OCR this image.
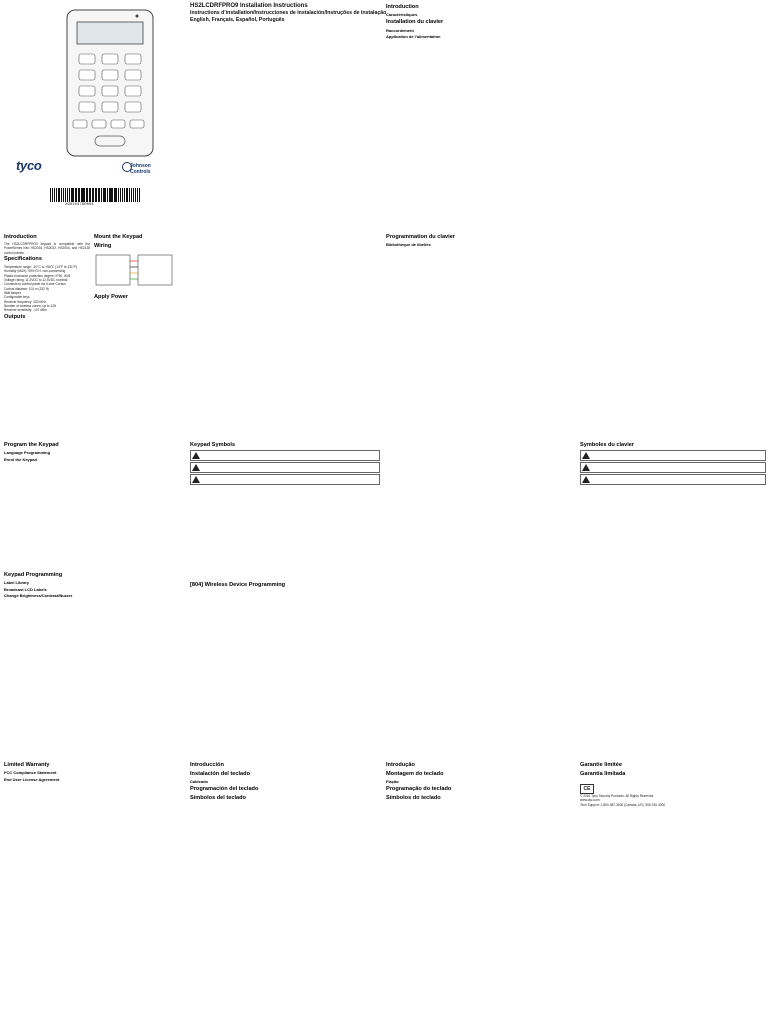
tyco	Johnson
Controls
29010476R001
HS2LCDRFPRO9 Installation Instructions
Instructions d’installation/Instrucciones de instalación/Instruções de instalação
English, Français, Español, Português
Introduction

The HS2LCDRFPRO9 keypad is compatible with the PowerSeries Neo HS2016, HS2032, HS2064, and HS2128 control panels.

Specifications
Temperature range: -10°C to +55°C (14°F to 131°F)
Humidity (MAX): 93% R.H. non-condensing
Plastic enclosure protection degree: IP30, IK04
Voltage rating: 11.3VDC to 12.5VDC nominal
Connects to control panel via 4-wire Corbus
Corbus distance: 101 m (332 ft)
Wall tamper
Configurable keys
Receiver frequency: 433 MHz
Number of wireless zones: up to 128
Receiver sensitivity: -107 dBm
Outputs
Mount the Keypad
Wiring
Apply Power
Program the Keypad
Language Programming
Enrol the Keypad
Keypad Programming
Label Library
Broadcast LCD Labels
Change Brightness/Contrast/Buzzer
Keypad Symbols
[804] Wireless Device Programming
Introduction
Caractéristiques
Installation du clavier
Raccordement
Application de l’alimentation
Programmation du clavier
Bibliothèque de libellés
Symboles du clavier
Introducción
Instalación del teclado
Cableado
Programación del teclado
Símbolos del teclado
Introdução
Montagem do teclado
Fiação
Programação do teclado
Símbolos do teclado
Limited Warranty
FCC Compliance Statement
End User License Agreement
Garantie limitée
Garantia limitada
CE
© 2016 Tyco Security Products. All Rights Reserved.
www.dsc.com
Tech Support: 1-800-387-3630 (Canada, US), 905-760-3000
